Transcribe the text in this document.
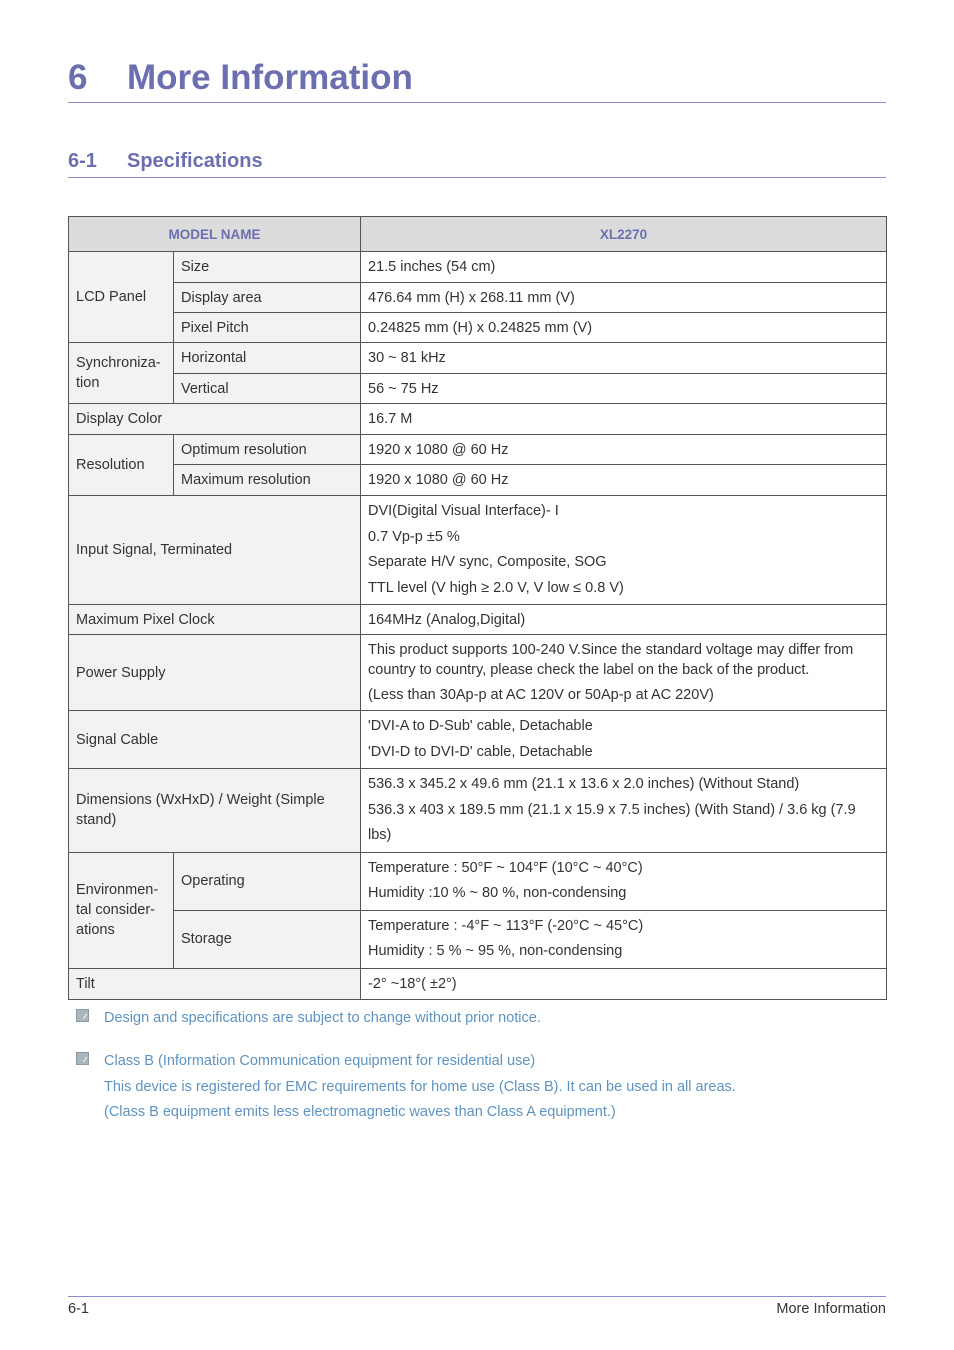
6 More Information
6-1 Specifications
MODEL NAME		XL2270
LCD Panel	Size	21.5 inches (54 cm)
	Display area	476.64 mm (H) x 268.11 mm (V)
	Pixel Pitch	0.24825 mm (H) x 0.24825 mm (V)
Synchroniza-tion	Horizontal	30 ~ 81 kHz
	Vertical	56 ~ 75 Hz
Display Color		16.7 M
Resolution	Optimum resolution	1920 x 1080 @ 60 Hz
	Maximum resolution	1920 x 1080 @ 60 Hz
Input Signal, Terminated		DVI(Digital Visual Interface)- I
0.7 Vp-p ±5 %
Separate H/V sync, Composite, SOG
TTL level (V high ≥ 2.0 V, V low ≤ 0.8 V)

Maximum Pixel Clock		164MHz (Analog,Digital)
Power Supply		This product supports 100-240 V.Since the standard voltage may differ from
country to country, please check the label on the back of the product.
(Less than 30Ap-p at AC 120V or 50Ap-p at AC 220V)

Signal Cable		'DVI-A to D-Sub' cable, Detachable
'DVI-D to DVI-D' cable, Detachable

Dimensions (WxHxD) / Weight (Simple stand)		536.3 x 345.2 x 49.6 mm (21.1 x 13.6 x 2.0 inches) (Without Stand)
536.3 x 403 x 189.5 mm (21.1 x 15.9 x 7.5 inches) (With Stand) / 3.6 kg (7.9 lbs)

Environmen-tal consider-ations	Operating	Temperature : 50°F ~ 104°F (10°C ~ 40°C)
Humidity :10 % ~ 80 %, non-condensing

	Storage	Temperature : -4°F ~ 113°F (-20°C ~ 45°C)
Humidity : 5 % ~ 95 %, non-condensing

Tilt		-2° ~18°( ±2°)
Design and specifications are subject to change without prior notice.
Class B (Information Communication equipment for residential use)
This device is registered for EMC requirements for home use (Class B). It can be used in all areas.
(Class B equipment emits less electromagnetic waves than Class A equipment.)
6-1	More Information
